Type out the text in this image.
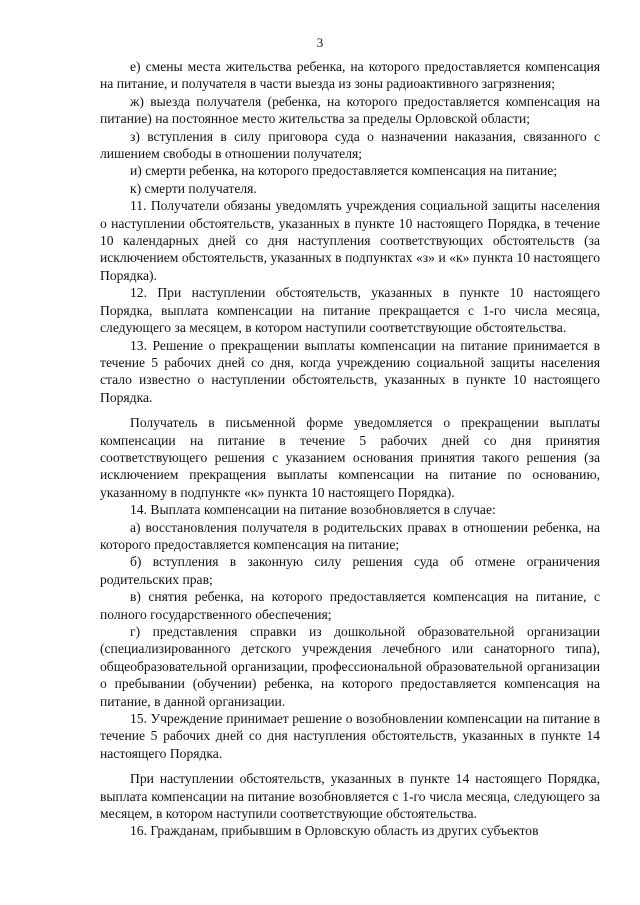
3

е) смены места жительства ребенка, на которого предоставляется компенсация на питание, и получателя в части выезда из зоны радиоактивного загрязнения;

ж) выезда получателя (ребенка, на которого предоставляется компенсация на питание) на постоянное место жительства за пределы Орловской области;

з) вступления в силу приговора суда о назначении наказания, связанного с лишением свободы в отношении получателя;

и) смерти ребенка, на которого предоставляется компенсация на питание;

к) смерти получателя.

11. Получатели обязаны уведомлять учреждения социальной защиты населения о наступлении обстоятельств, указанных в пункте 10 настоящего Порядка, в течение 10 календарных дней со дня наступления соответствующих обстоятельств (за исключением обстоятельств, указанных в подпунктах «з» и «к» пункта 10 настоящего Порядка).

12. При наступлении обстоятельств, указанных в пункте 10 настоящего Порядка, выплата компенсации на питание прекращается с 1-го числа месяца, следующего за месяцем, в котором наступили соответствующие обстоятельства.

13. Решение о прекращении выплаты компенсации на питание принимается в течение 5 рабочих дней со дня, когда учреждению социальной защиты населения стало известно о наступлении обстоятельств, указанных в пункте 10 настоящего Порядка.

Получатель в письменной форме уведомляется о прекращении выплаты компенсации на питание в течение 5 рабочих дней со дня принятия соответствующего решения с указанием основания принятия такого решения (за исключением прекращения выплаты компенсации на питание по основанию, указанному в подпункте «к» пункта 10 настоящего Порядка).

14. Выплата компенсации на питание возобновляется в случае:

а) восстановления получателя в родительских правах в отношении ребенка, на которого предоставляется компенсация на питание;

б) вступления в законную силу решения суда об отмене ограничения родительских прав;

в) снятия ребенка, на которого предоставляется компенсация на питание, с полного государственного обеспечения;

г) представления справки из дошкольной образовательной организации (специализированного детского учреждения лечебного или санаторного типа), общеобразовательной организации, профессиональной образовательной организации о пребывании (обучении) ребенка, на которого предоставляется компенсация на питание, в данной организации.

15. Учреждение принимает решение о возобновлении компенсации на питание в течение 5 рабочих дней со дня наступления обстоятельств, указанных в пункте 14 настоящего Порядка.

При наступлении обстоятельств, указанных в пункте 14 настоящего Порядка, выплата компенсации на питание возобновляется с 1-го числа месяца, следующего за месяцем, в котором наступили соответствующие обстоятельства.

16. Гражданам, прибывшим в Орловскую область из других субъектов
